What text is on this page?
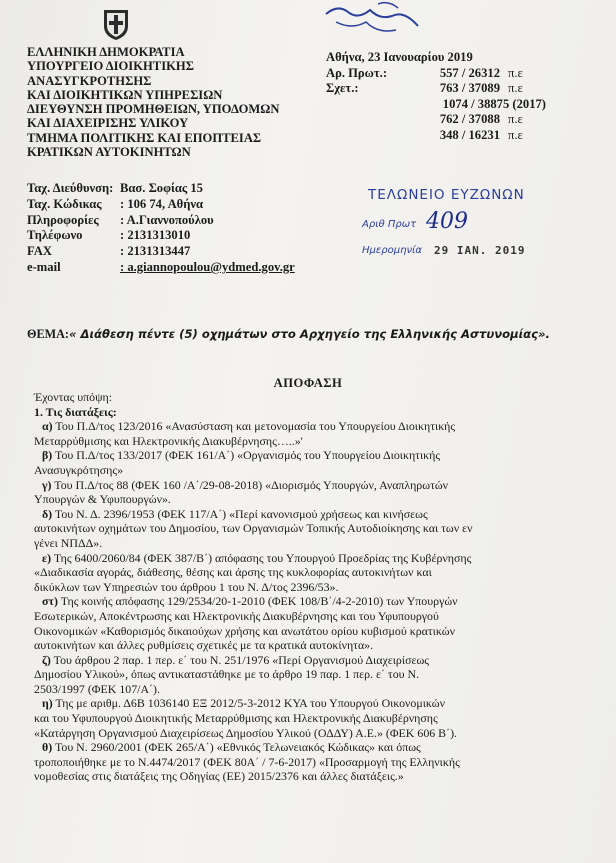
ΕΛΛΗΝΙΚΗ ΔΗΜΟΚΡΑΤΙΑ
ΥΠΟΥΡΓΕΙΟ ΔΙΟΙΚΗΤΙΚΗΣ
ΑΝΑΣΥΓΚΡΟΤΗΣΗΣ
ΚΑΙ ΔΙΟΙΚΗΤΙΚΩΝ ΥΠΗΡΕΣΙΩΝ
ΔΙΕΥΘΥΝΣΗ ΠΡΟΜΗΘΕΙΩΝ, ΥΠΟΔΟΜΩΝ
ΚΑΙ ΔΙΑΧΕΙΡΙΣΗΣ ΥΛΙΚΟΥ
ΤΜΗΜΑ ΠΟΛΙΤΙΚΗΣ ΚΑΙ ΕΠΟΠΤΕΙΑΣ
ΚΡΑΤΙΚΩΝ ΑΥΤΟΚΙΝΗΤΩΝ
Ταχ. Διεύθυνση: Βασ. Σοφίας 15
Ταχ. Κώδικας	: 106 74, Αθήνα
Πληροφορίες	: Α.Γιαννοπούλου
Τηλέφωνο	: 2131313010
FAX	: 2131313447
e-mail	: a.giannopoulou@ydmed.gov.gr
Αθήνα, 23 Ιανουαρίου 2019
Αρ. Πρωτ.:	557 / 26312 π.ε
Σχετ.:	763 / 37089 π.ε
1074 / 38875 (2017)
762 / 37088 π.ε
348 / 16231 π.ε
ΤΕΛΩΝΕΙΟ ΕΥΖΩΝΩΝ
Αριθ Πρωτ 409
Ημερομηνία 29 ΙΑΝ. 2019
ΘΕΜΑ:« Διάθεση πέντε (5) οχημάτων στο Αρχηγείο της Ελληνικής Αστυνομίας».
ΑΠΟΦΑΣΗ
Έχοντας υπόψη:
1. Τις διατάξεις:
α) Του Π.Δ/τος 123/2016 «Ανασύσταση και μετονομασία του Υπουργείου Διοικητικής
Μεταρρύθμισης και Ηλεκτρονικής Διακυβέρνησης…..»'
β) Του Π.Δ/τος 133/2017 (ΦΕΚ 161/Α΄) «Οργανισμός του Υπουργείου Διοικητικής
Ανασυγκρότησης»
γ) Του Π.Δ/τος 88 (ΦΕΚ 160 /Α΄/29-08-2018) «Διορισμός Υπουργών, Αναπληρωτών
Υπουργών & Υφυπουργών».
δ) Του Ν. Δ. 2396/1953 (ΦΕΚ 117/Α΄) «Περί κανονισμού χρήσεως και κινήσεως
αυτοκινήτων οχημάτων του Δημοσίου, των Οργανισμών Τοπικής Αυτοδιοίκησης και των εν
γένει ΝΠΔΔ».
ε) Της 6400/2060/84 (ΦΕΚ 387/Β΄) απόφασης του Υπουργού Προεδρίας της Κυβέρνησης
«Διαδικασία αγοράς, διάθεσης, θέσης και άρσης της κυκλοφορίας αυτοκινήτων και
δικύκλων των Υπηρεσιών του άρθρου 1 του Ν. Δ/τος 2396/53».
στ) Της κοινής απόφασης 129/2534/20-1-2010 (ΦΕΚ 108/Β΄/4-2-2010) των Υπουργών
Εσωτερικών, Αποκέντρωσης και Ηλεκτρονικής Διακυβέρνησης και του Υφυπουργού
Οικονομικών «Καθορισμός δικαιούχων χρήσης και ανωτάτου ορίου κυβισμού κρατικών
αυτοκινήτων και άλλες ρυθμίσεις σχετικές με τα κρατικά αυτοκίνητα».
ζ) Του άρθρου 2 παρ. 1 περ. ε΄ του Ν. 251/1976 «Περί Οργανισμού Διαχειρίσεως
Δημοσίου Υλικού», όπως αντικαταστάθηκε με το άρθρο 19 παρ. 1 περ. ε΄ του Ν.
2503/1997 (ΦΕΚ 107/Α΄).
η) Της με αριθμ. Δ6Β 1036140 ΕΞ 2012/5-3-2012 ΚΥΑ του Υπουργού Οικονομικών
και του Υφυπουργού Διοικητικής Μεταρρύθμισης και Ηλεκτρονικής Διακυβέρνησης
«Κατάργηση Οργανισμού Διαχειρίσεως Δημοσίου Υλικού (ΟΔΔΥ) Α.Ε.» (ΦΕΚ 606 Β΄).
θ) Του Ν. 2960/2001 (ΦΕΚ 265/Α΄) «Εθνικός Τελωνειακός Κώδικας» και όπως
τροποποιήθηκε με το Ν.4474/2017 (ΦΕΚ 80Α΄ / 7-6-2017) «Προσαρμογή της Ελληνικής
νομοθεσίας στις διατάξεις της Οδηγίας (ΕΕ) 2015/2376 και άλλες διατάξεις.»
